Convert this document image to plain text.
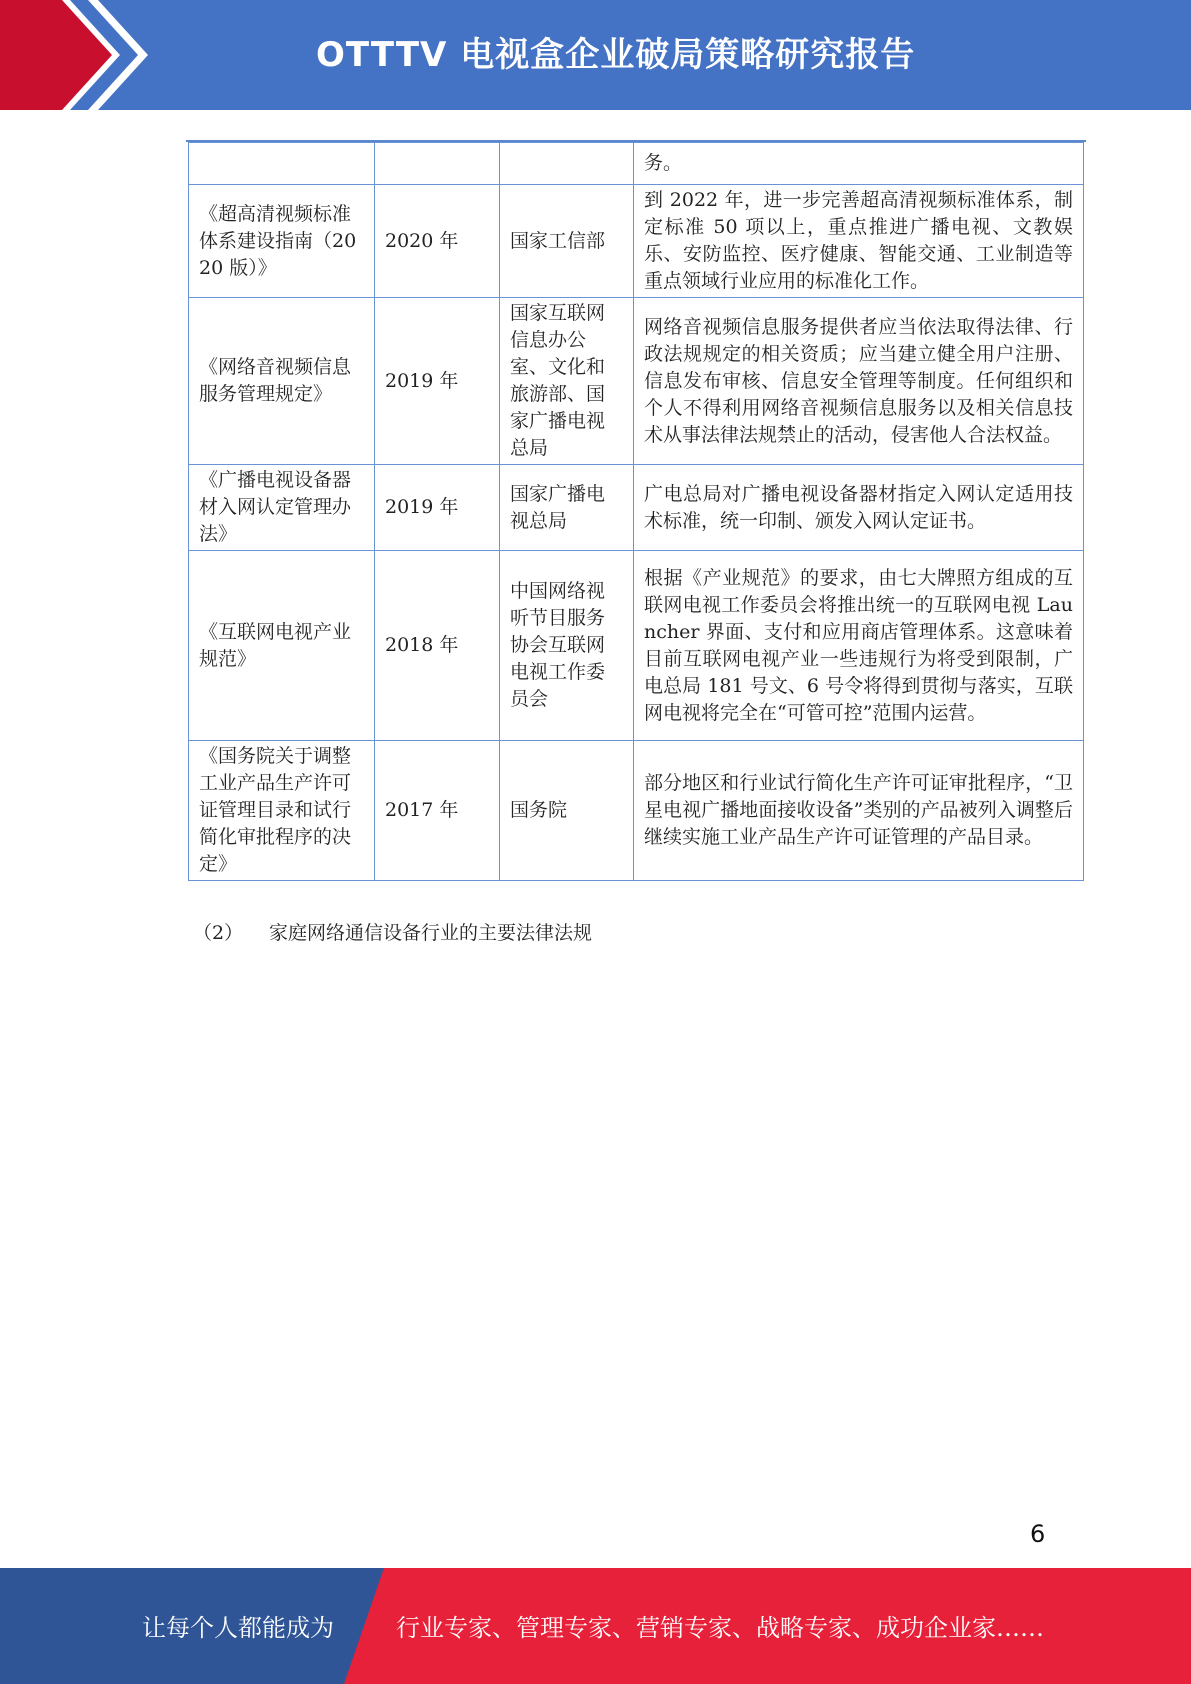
OTTTV 电视盒企业破局策略研究报告
			务。
《超高清视频标准体系建设指南（2020 版）》	2020 年	国家工信部	到 2022 年，进一步完善超高清视频标准体系，制定标准 50 项以上，重点推进广播电视、文教娱乐、安防监控、医疗健康、智能交通、工业制造等重点领域行业应用的标准化工作。
《网络音视频信息服务管理规定》	2019 年	国家互联网信息办公室、文化和旅游部、国家广播电视总局	网络音视频信息服务提供者应当依法取得法律、行政法规规定的相关资质；应当建立健全用户注册、信息发布审核、信息安全管理等制度。任何组织和个人不得利用网络音视频信息服务以及相关信息技术从事法律法规禁止的活动，侵害他人合法权益。
《广播电视设备器材入网认定管理办法》	2019 年	国家广播电视总局	广电总局对广播电视设备器材指定入网认定适用技术标准，统一印制、颁发入网认定证书。
《互联网电视产业规范》	2018 年	中国网络视听节目服务协会互联网电视工作委员会	根据《产业规范》的要求，由七大牌照方组成的互联网电视工作委员会将推出统一的互联网电视 Launcher 界面、支付和应用商店管理体系。这意味着目前互联网电视产业一些违规行为将受到限制，广电总局 181 号文、6 号令将得到贯彻与落实，互联网电视将完全在“可管可控”范围内运营。
《国务院关于调整工业产品生产许可证管理目录和试行简化审批程序的决定》	2017 年	国务院	部分地区和行业试行简化生产许可证审批程序，“卫星电视广播地面接收设备”类别的产品被列入调整后继续实施工业产品生产许可证管理的产品目录。
（2） 家庭网络通信设备行业的主要法律法规
6
让每个人都能成为	行业专家、管理专家、营销专家、战略专家、成功企业家……
